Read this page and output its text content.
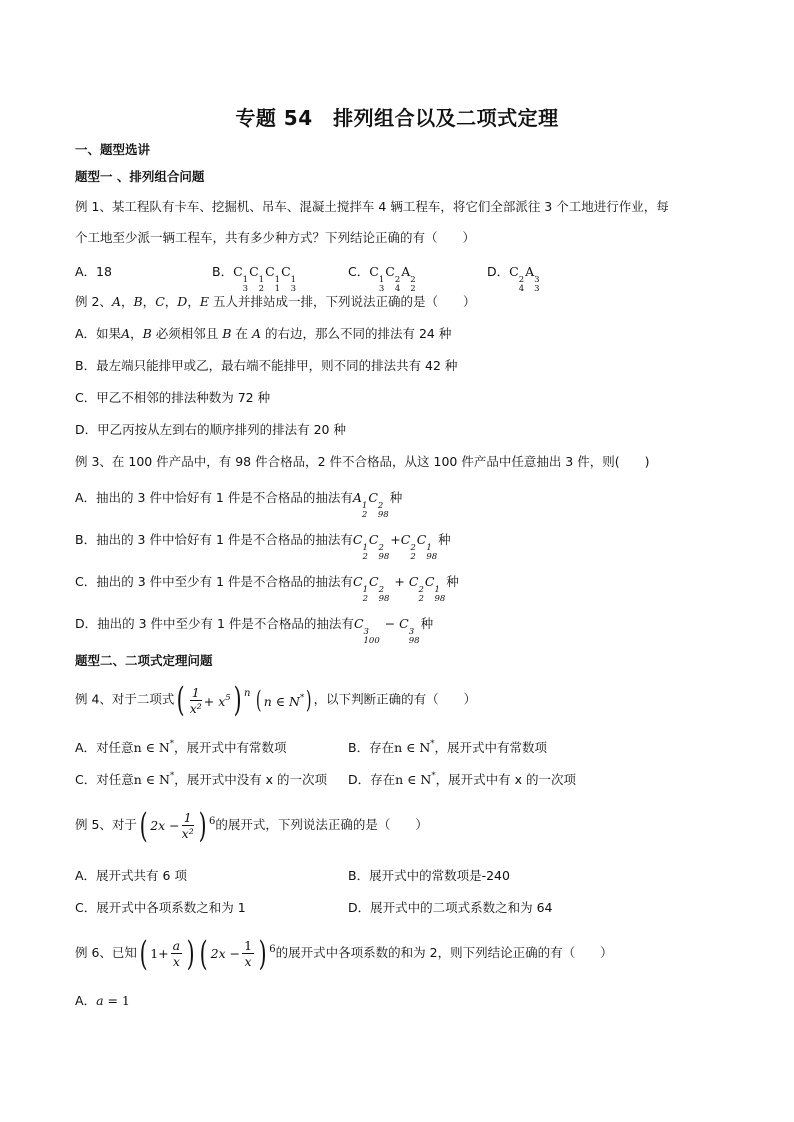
专题 54　排列组合以及二项式定理
一、题型选讲
题型一 、排列组合问题
例 1、某工程队有卡车、挖掘机、吊车、混凝土搅拌车 4 辆工程车，将它们全部派往 3 个工地进行作业，每
个工地至少派一辆工程车，共有多少种方式？下列结论正确的有（　　）
A．18	B．C
1
3
C
1
2
C
1
1
C
1
3
C．C
1
3
C
2
4
A
2
2
D．C
2
4
A
3
3
例 2、A，B，C，D，E 五人并排站成一排，下列说法正确的是（　　）
A．如果A，B 必须相邻且 B 在 A 的右边，那么不同的排法有 24 种
B．最左端只能排甲或乙，最右端不能排甲，则不同的排法共有 42 种
C．甲乙不相邻的排法种数为 72 种
D．甲乙丙按从左到右的顺序排列的排法有 20 种
例 3、在 100 件产品中，有 98 件合格品，2 件不合格品，从这 100 件产品中任意抽出 3 件，则(　　)
A．抽出的 3 件中恰好有 1 件是不合格品的抽法有A
1
2
C
2
98
种
B．抽出的 3 件中恰好有 1 件是不合格品的抽法有C
1
2
C
2
98
+C
2
2
C
1
98
种
C．抽出的 3 件中至少有 1 件是不合格品的抽法有C
1
2
C
2
98
+ C
2
2
C
1
98
种
D．抽出的 3 件中至少有 1 件是不合格品的抽法有C
3
100
− C
3
98
种
题型二、二项式定理问题
例 4、对于二项式 ( $\frac{1}{\text{x²}} + x^5$ ) n
( n ∈ N* ) ，以下判断正确的有（　　）
A．对任意n ∈ N*，展开式中有常数项	B．存在n ∈ N*，展开式中有常数项
C．对任意n ∈ N*，展开式中没有 x 的一次项 D．存在n ∈ N*，展开式中有 x 的一次项
例 5、对于 ( $2x - \frac{1}{\text{x²}}$ ) 6 的展开式，下列说法正确的是（　　）
A．展开式共有 6 项	B．展开式中的常数项是-240
C．展开式中各项系数之和为 1	D．展开式中的二项式系数之和为 64
例 6、已知 ( $1+ \frac{a}{x}$ ) ( $2x - \frac{1}{x}$ ) 6 的展开式中各项系数的和为 2，则下列结论正确的有（　　）
A．a = 1
